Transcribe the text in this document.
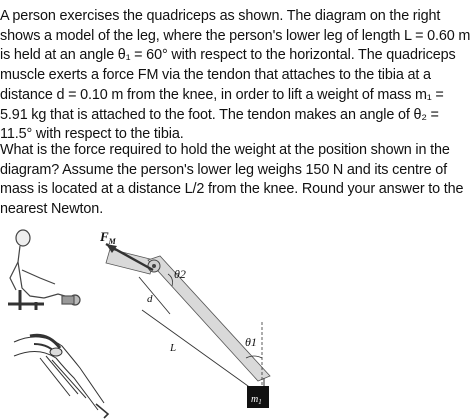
A person exercises the quadriceps as shown. The diagram on the right shows a model of the leg, where the person's lower leg of length L = 0.60 m is held at an angle θ₁ = 60° with respect to the horizontal. The quadriceps muscle exerts a force FM via the tendon that attaches to the tibia at a distance d = 0.10 m from the knee, in order to lift a weight of mass m₁ = 5.91 kg that is attached to the foot. The tendon makes an angle of θ₂ = 11.5° with respect to the tibia.
What is the force required to hold the weight at the position shown in the diagram? Assume the person's lower leg weighs 150 N and its centre of mass is located at a distance L/2 from the knee. Round your answer to the nearest Newton.
$F_M$
θ2
d
L	θ1
$m_1$
